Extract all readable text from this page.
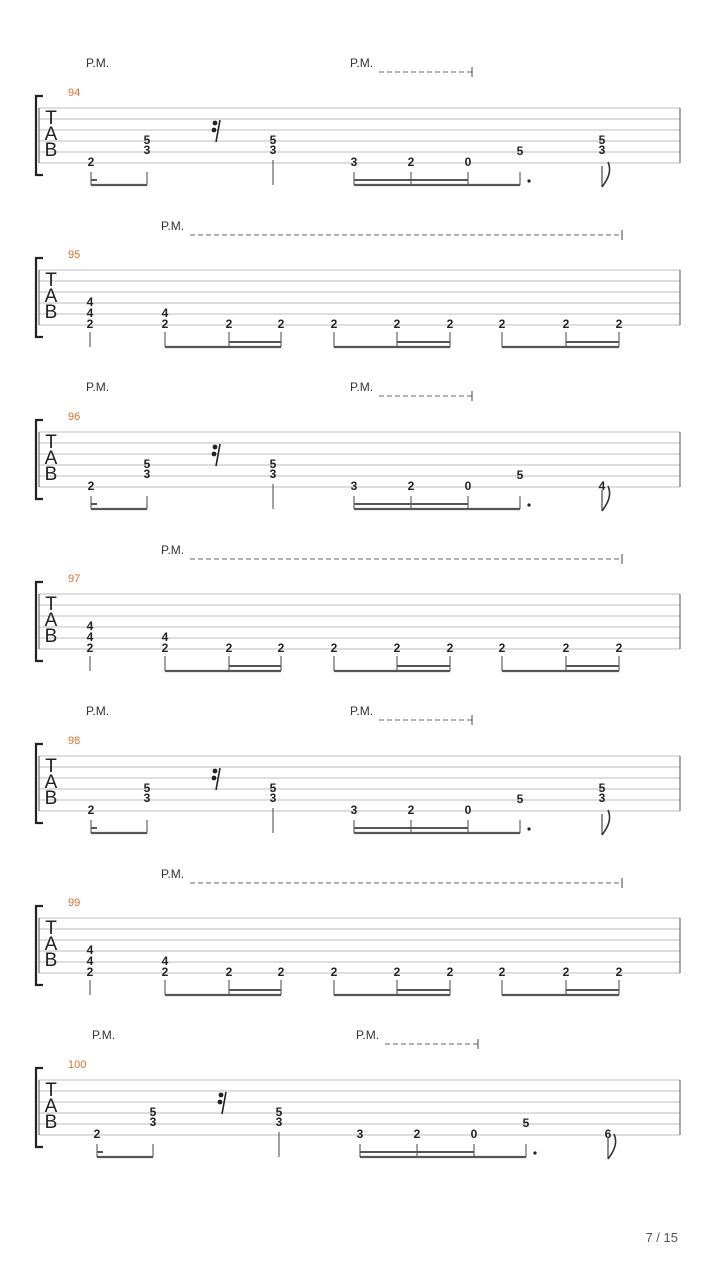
T
A
B
94
P.M.	P.M.
2
3
5
3
5
3	2	0
5	3
5
T
A
B
95
P.M.
2
4
4
2
4
2	2	2	2	2	2	2	2
T
A
B
96
P.M.	P.M.
2
3
5
3
5
3	2	0
5
4
T
A
B
97
P.M.
2
4
4
2
4
2	2	2	2	2	2	2	2
T
A
B
98
P.M.	P.M.
2
3
5
3
5
3	2	0
5	3
5
T
A
B
99
P.M.
2
4
4
2
4
2	2	2	2	2	2	2	2
T
A
B
100
P.M.	P.M.
2
3
5
3
5
3	2	0
5
6
7 / 15
